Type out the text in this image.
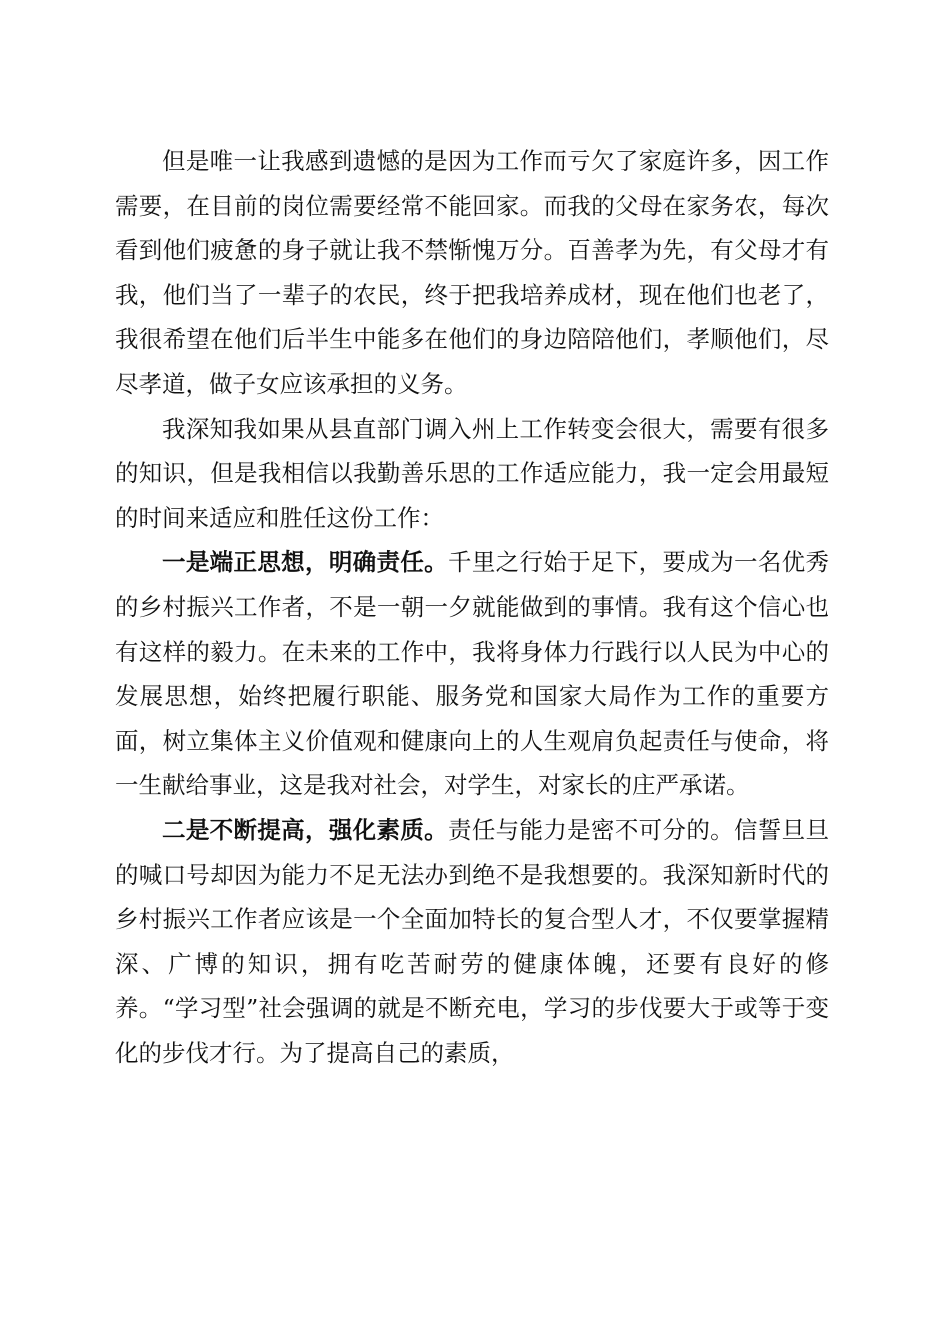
但是唯一让我感到遗憾的是因为工作而亏欠了家庭许多，因工作需要，在目前的岗位需要经常不能回家。而我的父母在家务农，每次看到他们疲惫的身子就让我不禁惭愧万分。百善孝为先，有父母才有我，他们当了一辈子的农民，终于把我培养成材，现在他们也老了，我很希望在他们后半生中能多在他们的身边陪陪他们，孝顺他们，尽尽孝道，做子女应该承担的义务。

我深知我如果从县直部门调入州上工作转变会很大，需要有很多的知识，但是我相信以我勤善乐思的工作适应能力，我一定会用最短的时间来适应和胜任这份工作：

一是端正思想，明确责任。千里之行始于足下，要成为一名优秀的乡村振兴工作者，不是一朝一夕就能做到的事情。我有这个信心也有这样的毅力。在未来的工作中，我将身体力行践行以人民为中心的发展思想，始终把履行职能、服务党和国家大局作为工作的重要方面，树立集体主义价值观和健康向上的人生观肩负起责任与使命，将一生献给事业，这是我对社会，对学生，对家长的庄严承诺。

二是不断提高，强化素质。责任与能力是密不可分的。信誓旦旦的喊口号却因为能力不足无法办到绝不是我想要的。我深知新时代的乡村振兴工作者应该是一个全面加特长的复合型人才，不仅要掌握精深、广博的知识，拥有吃苦耐劳的健康体魄，还要有良好的修养。“学习型”社会强调的就是不断充电，学习的步伐要大于或等于变化的步伐才行。为了提高自己的素质，
